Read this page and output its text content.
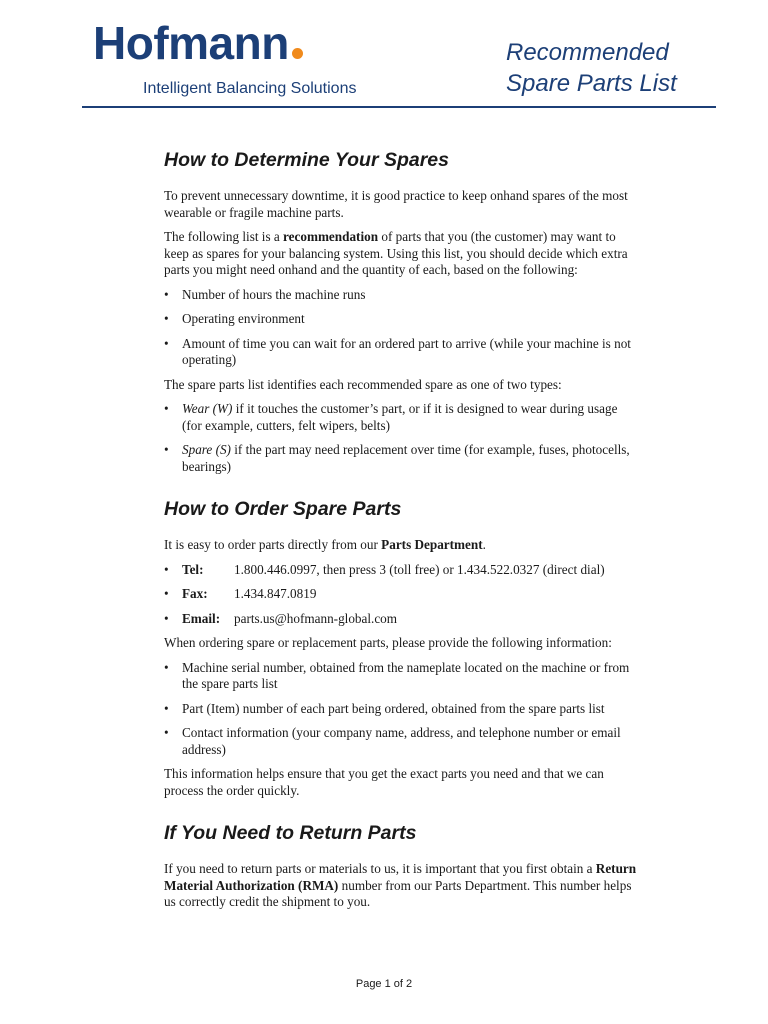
Hofmann
Intelligent Balancing Solutions
Recommended
Spare Parts List
How to Determine Your Spares

To prevent unnecessary downtime, it is good practice to keep onhand spares of the most wearable or fragile machine parts.

The following list is a recommendation of parts that you (the customer) may want to keep as spares for your balancing system. Using this list, you should decide which extra parts you might need onhand and the quantity of each, based on the following:

• Number of hours the machine runs
• Operating environment
• Amount of time you can wait for an ordered part to arrive (while your machine is not operating)

The spare parts list identifies each recommended spare as one of two types:

• Wear (W) if it touches the customer’s part, or if it is designed to wear during usage (for example, cutters, felt wipers, belts)
• Spare (S) if the part may need replacement over time (for example, fuses, photocells, bearings)
How to Order Spare Parts

It is easy to order parts directly from our Parts Department.

• Tel: 1.800.446.0997, then press 3 (toll free) or 1.434.522.0327 (direct dial)
• Fax: 1.434.847.0819
• Email: parts.us@hofmann-global.com

When ordering spare or replacement parts, please provide the following information:

• Machine serial number, obtained from the nameplate located on the machine or from the spare parts list
• Part (Item) number of each part being ordered, obtained from the spare parts list
• Contact information (your company name, address, and telephone number or email address)

This information helps ensure that you get the exact parts you need and that we can process the order quickly.

If You Need to Return Parts

If you need to return parts or materials to us, it is important that you first obtain a Return Material Authorization (RMA) number from our Parts Department. This number helps us correctly credit the shipment to you.

Page 1 of 2
